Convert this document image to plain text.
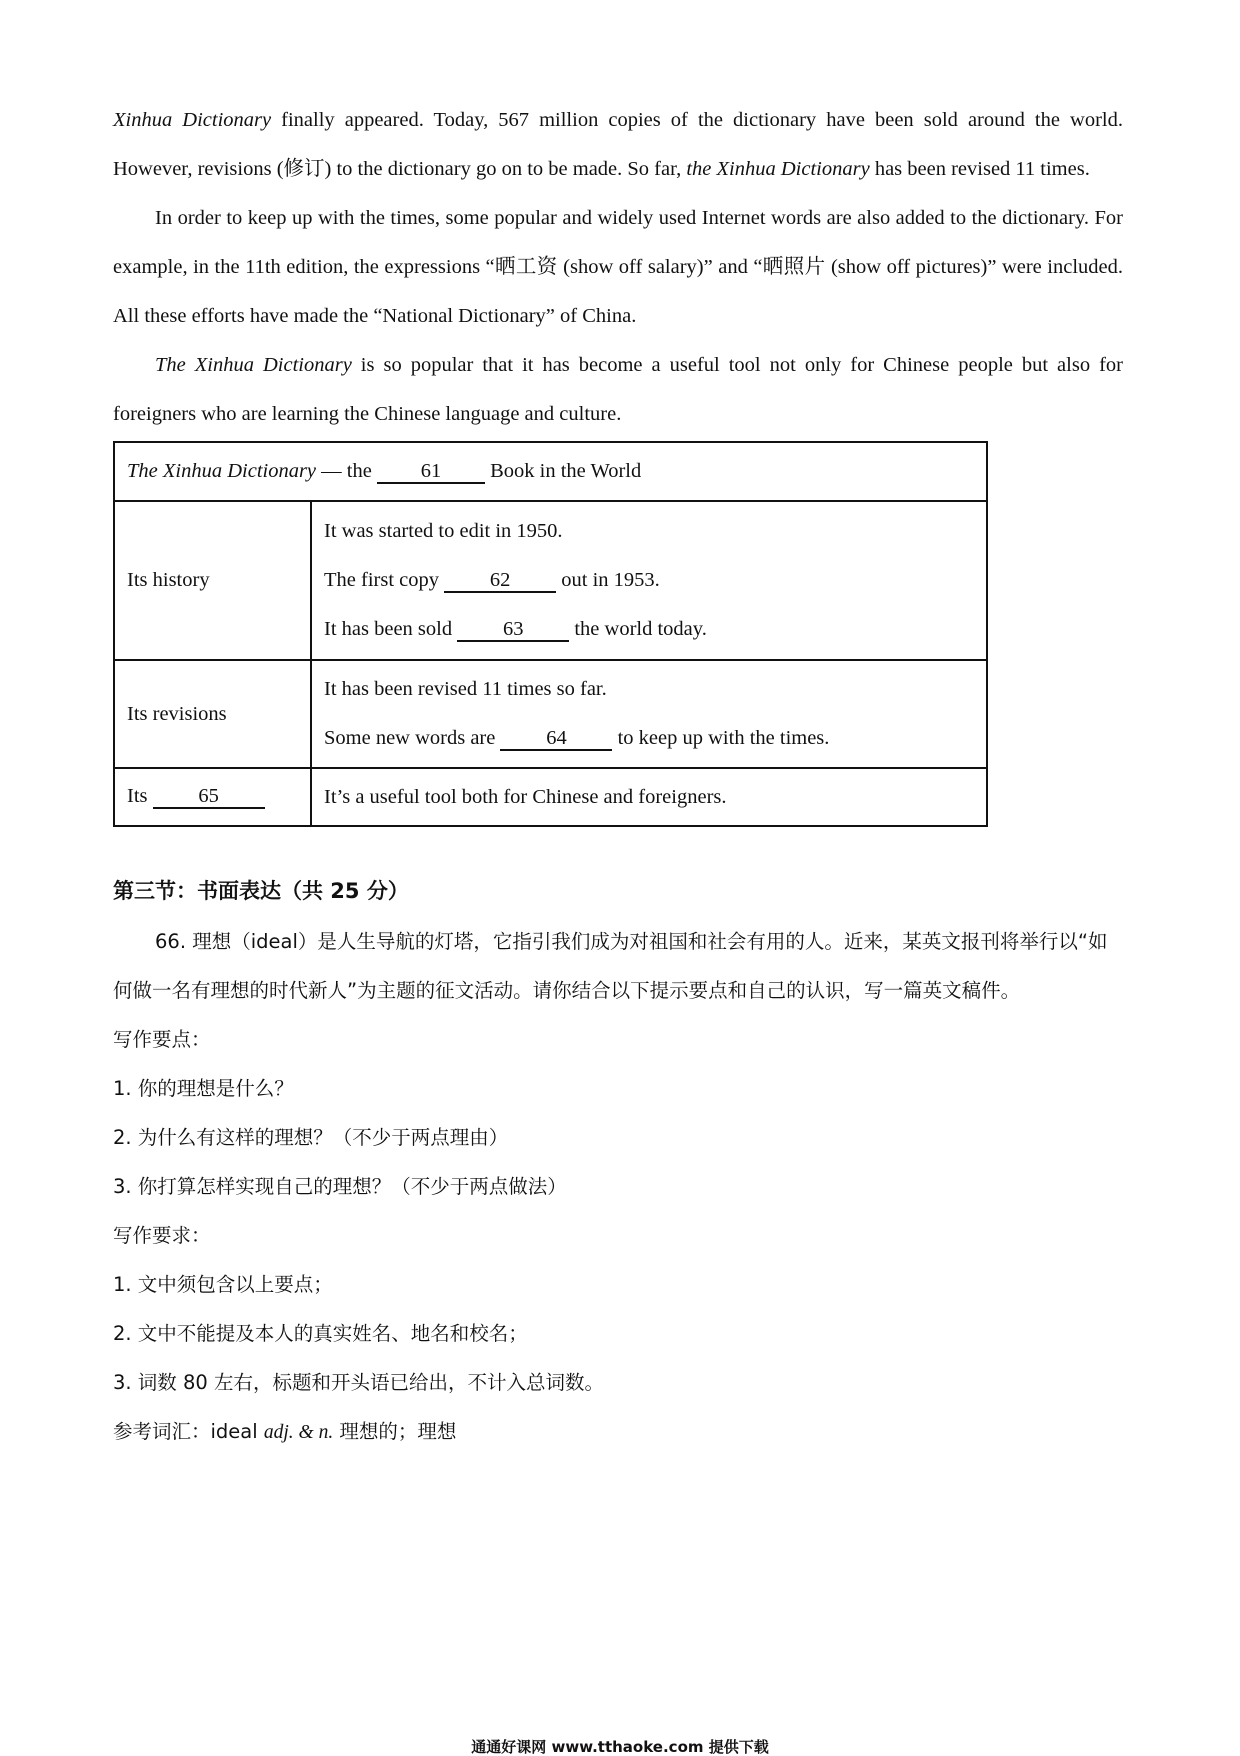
Xinhua Dictionary finally appeared. Today, 567 million copies of the dictionary have been sold around the world. However, revisions (修订) to the dictionary go on to be made. So far, the Xinhua Dictionary has been revised 11 times.

In order to keep up with the times, some popular and widely used Internet words are also added to the dictionary. For example, in the 11th edition, the expressions “晒工资 (show off salary)” and “晒照片 (show off pictures)” were included. All these efforts have made the “National Dictionary” of China.

The Xinhua Dictionary is so popular that it has become a useful tool not only for Chinese people but also for foreigners who are learning the Chinese language and culture.

The Xinhua Dictionary — the 61 Book in the World	
Its history	It was started to edit in 1950.
The first copy 62 out in 1953.
It has been sold 63 the world today.

Its revisions	It has been revised 11 times so far.
Some new words are 64 to keep up with the times.

Its 65	It’s a useful tool both for Chinese and foreigners.
第三节：书面表达（共 25 分）

66. 理想（ideal）是人生导航的灯塔，它指引我们成为对祖国和社会有用的人。近来，某英文报刊将举行以“如何做一名有理想的时代新人”为主题的征文活动。请你结合以下提示要点和自己的认识，写一篇英文稿件。

写作要点：

1. 你的理想是什么？

2. 为什么有这样的理想？（不少于两点理由）

3. 你打算怎样实现自己的理想？（不少于两点做法）

写作要求：

1. 文中须包含以上要点；

2. 文中不能提及本人的真实姓名、地名和校名；

3. 词数 80 左右，标题和开头语已给出，不计入总词数。

参考词汇：ideal adj. & n. 理想的；理想

通通好课网 www.tthaoke.com 提供下载
